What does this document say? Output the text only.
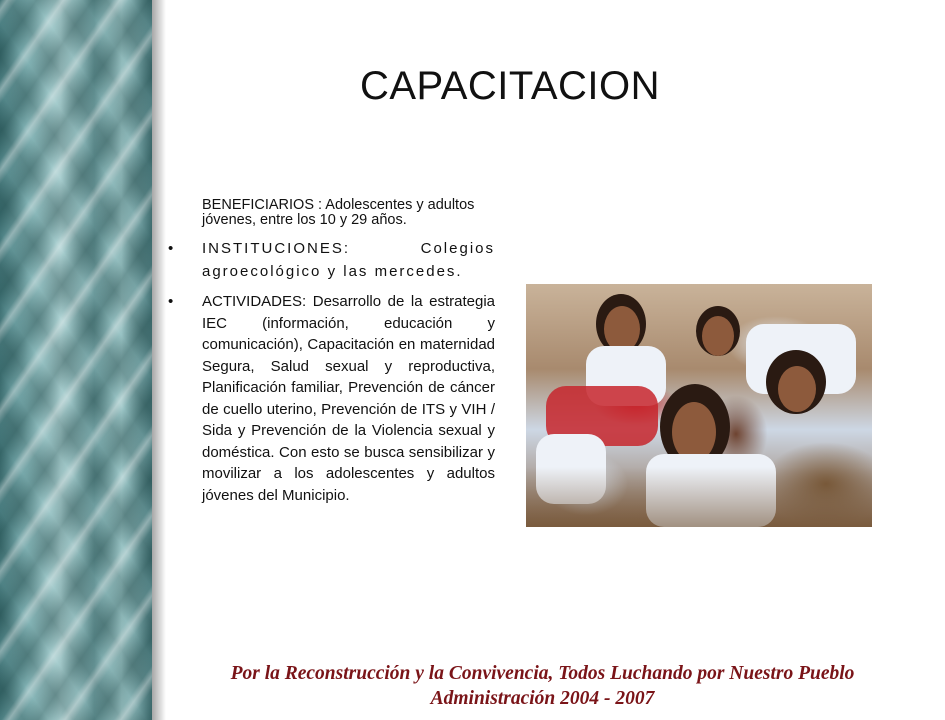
CAPACITACION
BENEFICIARIOS : Adolescentes y adultos jóvenes, entre los 10 y 29 años.
• INSTITUCIONES: Colegios agroecológico y las mercedes.
• ACTIVIDADES: Desarrollo de la estrategia IEC (información, educación y comunicación), Capacitación en maternidad Segura, Salud sexual y reproductiva, Planificación familiar, Prevención de cáncer de cuello uterino, Prevención de ITS y VIH / Sida y Prevención de la Violencia sexual y doméstica. Con esto se busca sensibilizar y movilizar a los adolescentes y adultos jóvenes del Municipio.
Por la Reconstrucción y la Convivencia, Todos Luchando por Nuestro Pueblo
Administración 2004 - 2007
